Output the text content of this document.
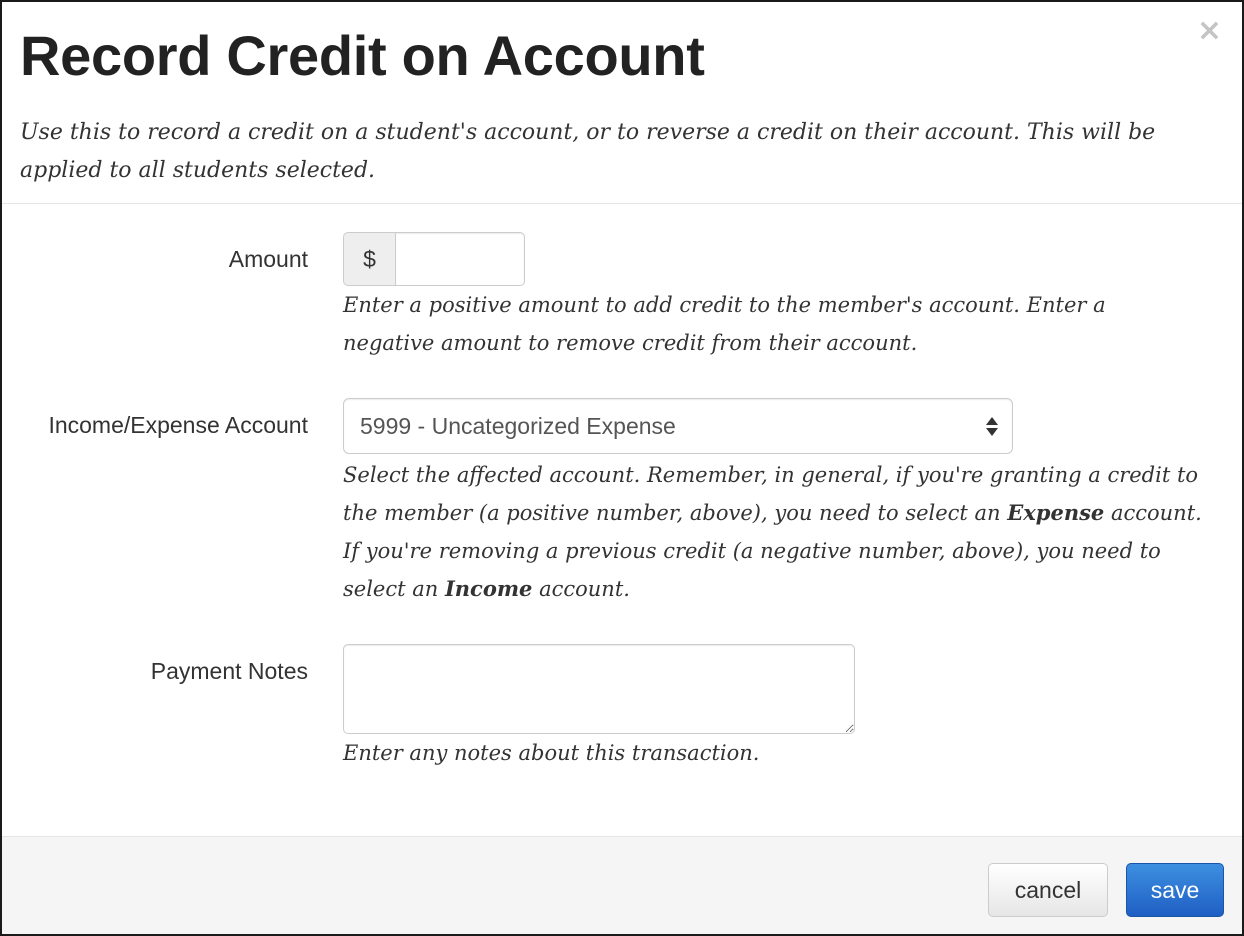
×
Record Credit on Account

Use this to record a credit on a student's account, or to reverse a credit on their account. This will be applied to all students selected.

Amount	$
Enter a positive amount to add credit to the member's account. Enter a negative amount to remove credit from their account.
Income/Expense Account 5999 - Uncategorized Expense
Select the affected account. Remember, in general, if you're granting a credit to the member (a positive number, above), you need to select an Expense account. If you're removing a previous credit (a negative number, above), you need to select an Income account.
Payment Notes
Enter any notes about this transaction.
cancel	save
